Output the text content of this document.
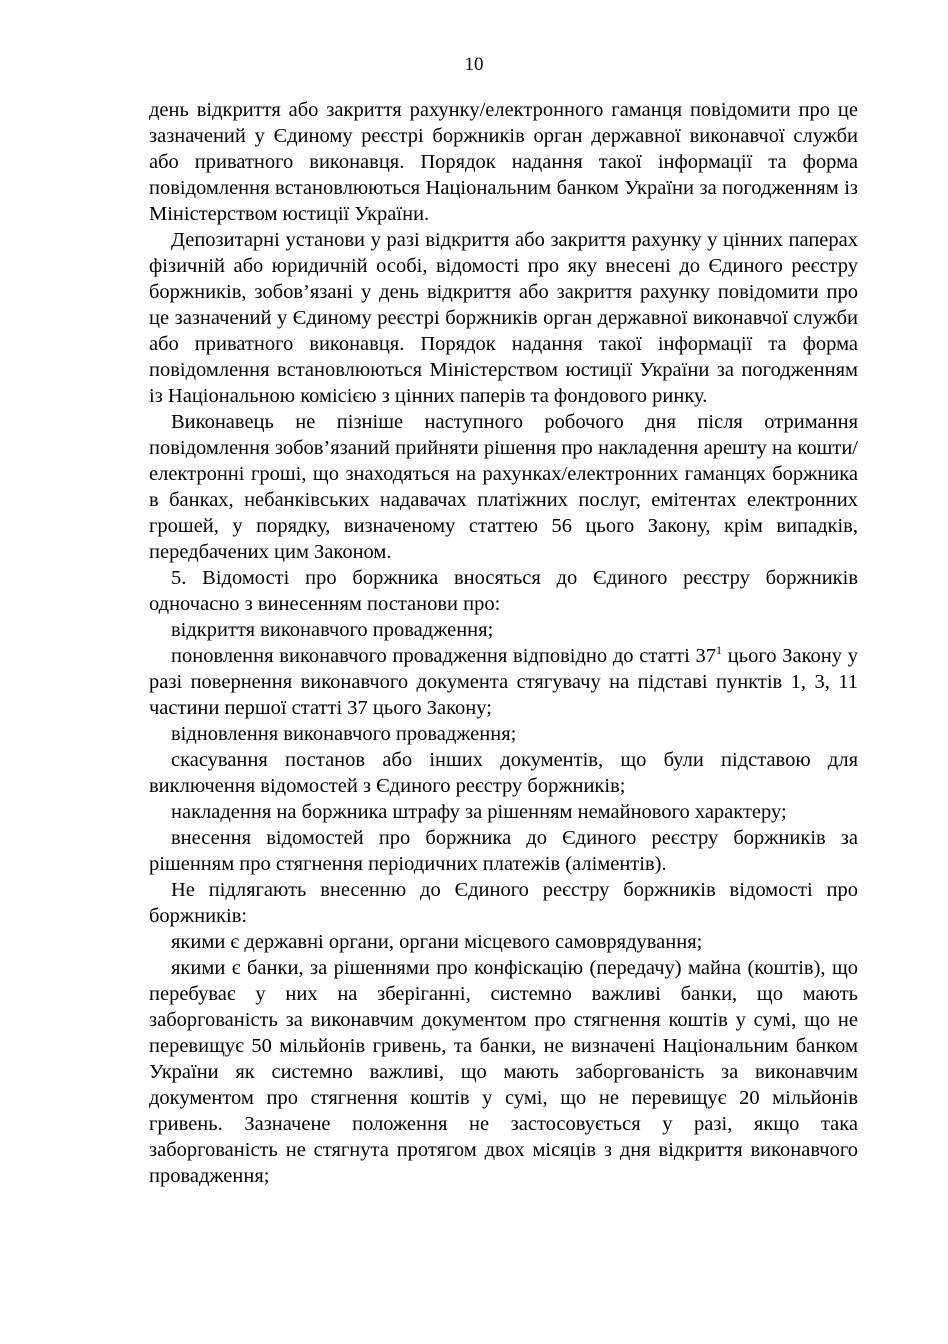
10

день відкриття або закриття рахунку/електронного гаманця повідомити про це зазначений у Єдиному реєстрі боржників орган державної виконавчої служби або приватного виконавця. Порядок надання такої інформації та форма повідомлення встановлюються Національним банком України за погодженням із Міністерством юстиції України.

Депозитарні установи у разі відкриття або закриття рахунку у цінних паперах фізичній або юридичній особі, відомості про яку внесені до Єдиного реєстру боржників, зобов’язані у день відкриття або закриття рахунку повідомити про це зазначений у Єдиному реєстрі боржників орган державної виконавчої служби або приватного виконавця. Порядок надання такої інформації та форма повідомлення встановлюються Міністерством юстиції України за погодженням із Національною комісією з цінних паперів та фондового ринку.

Виконавець не пізніше наступного робочого дня після отримання повідомлення зобов’язаний прийняти рішення про накладення арешту на кошти/електронні гроші, що знаходяться на рахунках/електронних гаманцях боржника в банках, небанківських надавачах платіжних послуг, емітентах електронних грошей, у порядку, визначеному статтею 56 цього Закону, крім випадків, передбачених цим Законом.

5. Відомості про боржника вносяться до Єдиного реєстру боржників одночасно з винесенням постанови про:

відкриття виконавчого провадження;

поновлення виконавчого провадження відповідно до статті $37^1$ цього Закону у разі повернення виконавчого документа стягувачу на підставі пунктів 1, 3, 11 частини першої статті 37 цього Закону;

відновлення виконавчого провадження;

скасування постанов або інших документів, що були підставою для виключення відомостей з Єдиного реєстру боржників;

накладення на боржника штрафу за рішенням немайнового характеру;

внесення відомостей про боржника до Єдиного реєстру боржників за рішенням про стягнення періодичних платежів (аліментів).

Не підлягають внесенню до Єдиного реєстру боржників відомості про боржників:

якими є державні органи, органи місцевого самоврядування;

якими є банки, за рішеннями про конфіскацію (передачу) майна (коштів), що перебуває у них на зберіганні, системно важливі банки, що мають заборгованість за виконавчим документом про стягнення коштів у сумі, що не перевищує 50 мільйонів гривень, та банки, не визначені Національним банком України як системно важливі, що мають заборгованість за виконавчим документом про стягнення коштів у сумі, що не перевищує 20 мільйонів гривень. Зазначене положення не застосовується у разі, якщо така заборгованість не стягнута протягом двох місяців з дня відкриття виконавчого провадження;
